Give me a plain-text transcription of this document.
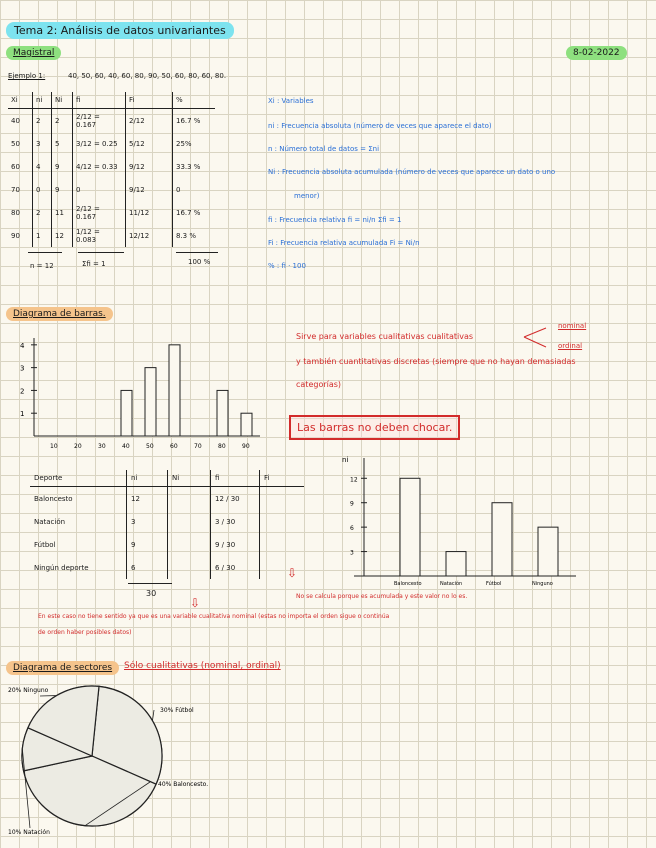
Tema 2: Análisis de datos univariantes
8-02-2022
Magistral
Ejemplo 1:	40, 50, 60, 40, 60, 80, 90, 50, 60, 80, 60, 80.
Xi	ni	Ni	fi	Fi	%
40	2	2	2/12 = 0.167	2/12	16.7 %
50	3	5	3/12 = 0.25	5/12	25%
60	4	9	4/12 = 0.33	9/12	33.3 %
70	0	9	0	9/12	0
80	2	11	2/12 = 0.167	11/12	16.7 %
90	1	12	1/12 = 0.083	12/12	8.3 %
n = 12	Σfi = 1	100 %
Xi : Variables
ni : Frecuencia absoluta (número de veces que aparece el dato)
n : Número total de datos = Σni
Ni : Frecuencia absoluta acumulada (número de veces que aparece un dato o uno
menor)
fi : Frecuencia relativa fi = ni/n Σfi = 1
Fi : Frecuencia relativa acumulada Fi = Ni/n
% : fi · 100
Diagrama de barras.
1
2
3
4
10	20	30	40	50	60	70	80	90
Sirve para variables cualitativas cualitativas
nominal
ordinal
y también cuantitativas discretas (siempre que no hayan demasiadas
categorías)
Las barras no deben chocar.
Deporte	ni	Ni	fi	Fi
Baloncesto	12		12 / 30	
Natación	3		3 / 30	
Fútbol	9		9 / 30	
Ningún deporte	6		6 / 30	
30
⇩
⇩
No se calcula porque es acumulada y este valor no lo es.
En este caso no tiene sentido ya que es una variable cualitativa nominal (estas no importa el orden sigue o continúa
de orden haber posibles datos)
ni
3
6
9
12
Baloncesto	Natación	Fútbol	Ninguno
Diagrama de sectores	Sólo cualitativas (nominal, ordinal)
30% Fútbol
40% Baloncesto.
10% Natación
20% Ninguno
